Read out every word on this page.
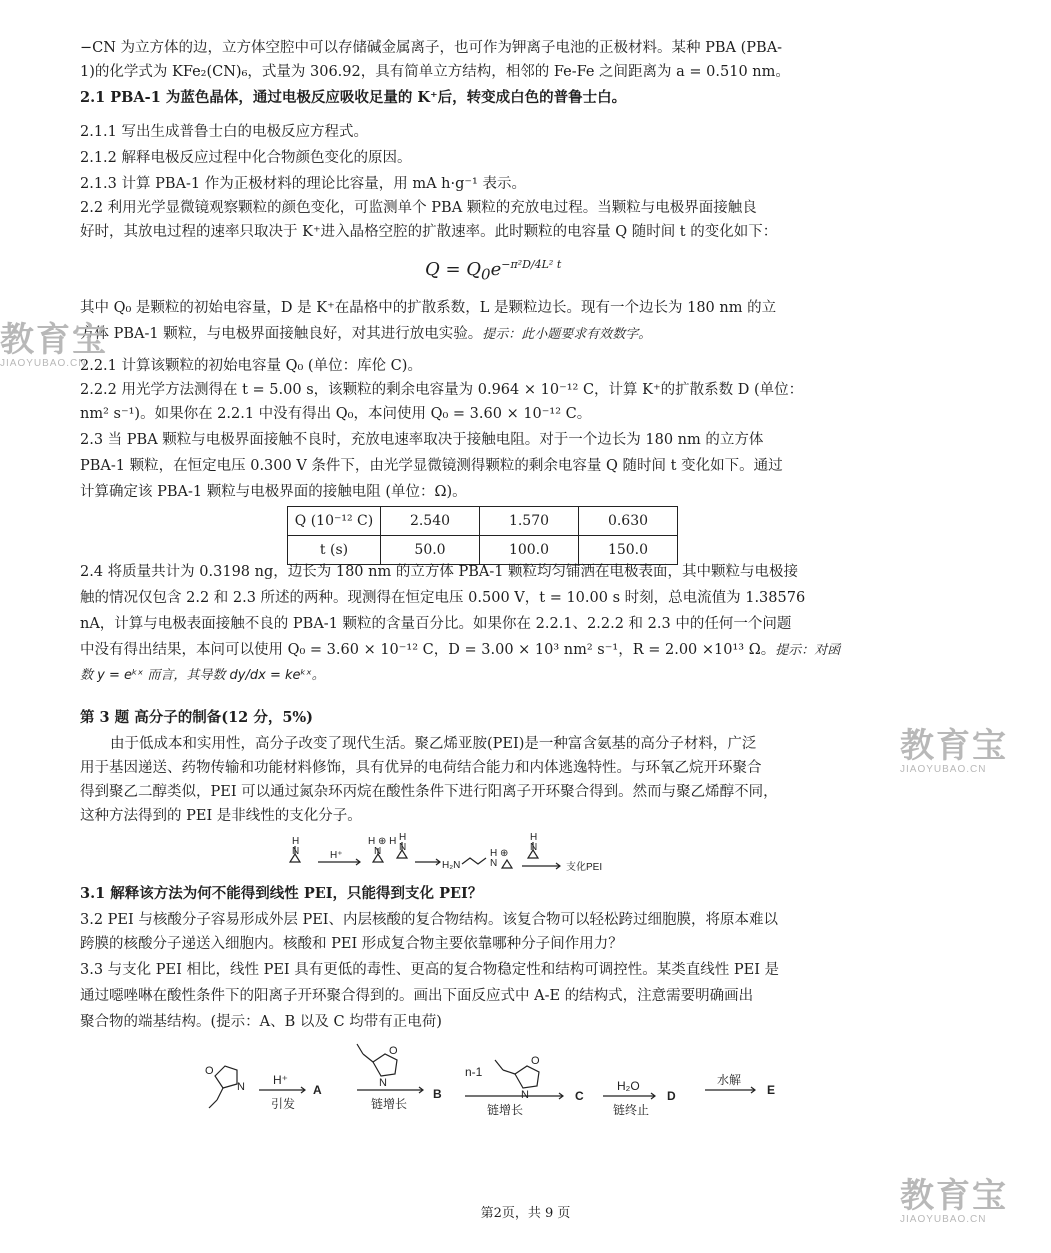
−CN 为立方体的边，立方体空腔中可以存储碱金属离子，也可作为钾离子电池的正极材料。某种 PBA (PBA-
1)的化学式为 KFe₂(CN)₆，式量为 306.92，具有简单立方结构，相邻的 Fe-Fe 之间距离为 a = 0.510 nm。
2.1 PBA-1 为蓝色晶体，通过电极反应吸收足量的 K⁺后，转变成白色的普鲁士白。
2.1.1 写出生成普鲁士白的电极反应方程式。
2.1.2 解释电极反应过程中化合物颜色变化的原因。
2.1.3 计算 PBA-1 作为正极材料的理论比容量，用 mA h·g⁻¹ 表示。
2.2 利用光学显微镜观察颗粒的颜色变化，可监测单个 PBA 颗粒的充放电过程。当颗粒与电极界面接触良
好时，其放电过程的速率只取决于 K⁺进入晶格空腔的扩散速率。此时颗粒的电容量 Q 随时间 t 的变化如下：
$Q = Q_0e^{-\pi^2D/4L^2 t}$
其中 Q₀ 是颗粒的初始电容量，D 是 K⁺在晶格中的扩散系数，L 是颗粒边长。现有一个边长为 180 nm 的立
方体 PBA-1 颗粒，与电极界面接触良好，对其进行放电实验。提示：此小题要求有效数字。
2.2.1 计算该颗粒的初始电容量 Q₀ (单位：库伦 C)。
2.2.2 用光学方法测得在 t = 5.00 s，该颗粒的剩余电容量为 0.964 × 10⁻¹² C，计算 K⁺的扩散系数 D (单位：
nm² s⁻¹)。如果你在 2.2.1 中没有得出 Q₀，本问使用 Q₀ = 3.60 × 10⁻¹² C。
2.3 当 PBA 颗粒与电极界面接触不良时，充放电速率取决于接触电阻。对于一个边长为 180 nm 的立方体
PBA-1 颗粒，在恒定电压 0.300 V 条件下，由光学显微镜测得颗粒的剩余电容量 Q 随时间 t 变化如下。通过
计算确定该 PBA-1 颗粒与电极界面的接触电阻 (单位：Ω)。
Q (10⁻¹² C)	2.540	1.570	0.630
t (s)	50.0	100.0	150.0
2.4 将质量共计为 0.3198 ng，边长为 180 nm 的立方体 PBA-1 颗粒均匀铺洒在电极表面，其中颗粒与电极接
触的情况仅包含 2.2 和 2.3 所述的两种。现测得在恒定电压 0.500 V，t = 10.00 s 时刻，总电流值为 1.38576
nA，计算与电极表面接触不良的 PBA-1 颗粒的含量百分比。如果你在 2.2.1、2.2.2 和 2.3 中的任何一个问题
中没有得出结果，本问可以使用 Q₀ = 3.60 × 10⁻¹² C，D = 3.00 × 10³ nm² s⁻¹，R = 2.00 ×10¹³ Ω。提示：对函
数 y = eᵏˣ 而言，其导数 dy/dx = keᵏˣ。
第 3 题 高分子的制备(12 分，5%)
由于低成本和实用性，高分子改变了现代生活。聚乙烯亚胺(PEI)是一种富含氨基的高分子材料，广泛
用于基因递送、药物传输和功能材料修饰，具有优异的电荷结合能力和内体逃逸特性。与环氧乙烷开环聚合
得到聚乙二醇类似，PEI 可以通过氮杂环丙烷在酸性条件下进行阳离子开环聚合得到。然而与聚乙烯醇不同，
这种方法得到的 PEI 是非线性的支化分子。
H
N	H⁺
H ⊕ H
N
H
N
H₂N
H ⊕
N
H
N
支化PEI
3.1 解释该方法为何不能得到线性 PEI，只能得到支化 PEI？
3.2 PEI 与核酸分子容易形成外层 PEI、内层核酸的复合物结构。该复合物可以轻松跨过细胞膜，将原本难以
跨膜的核酸分子递送入细胞内。核酸和 PEI 形成复合物主要依靠哪种分子间作用力？
3.3 与支化 PEI 相比，线性 PEI 具有更低的毒性、更高的复合物稳定性和结构可调控性。某类直线性 PEI 是
通过噁唑啉在酸性条件下的阳离子开环聚合得到的。画出下面反应式中 A-E 的结构式，注意需要明确画出
聚合物的端基结构。(提示：A、B 以及 C 均带有正电荷)
O
N	N
O
N
O
H⁺
引发
A
链增长
B
n-1
链增长
C
H₂O
链终止
D
水解
E
教育宝
JIAOYUBAO.CN
教育宝
JIAOYUBAO.CN
教育宝
JIAOYUBAO.CN
第2页，共 9 页
